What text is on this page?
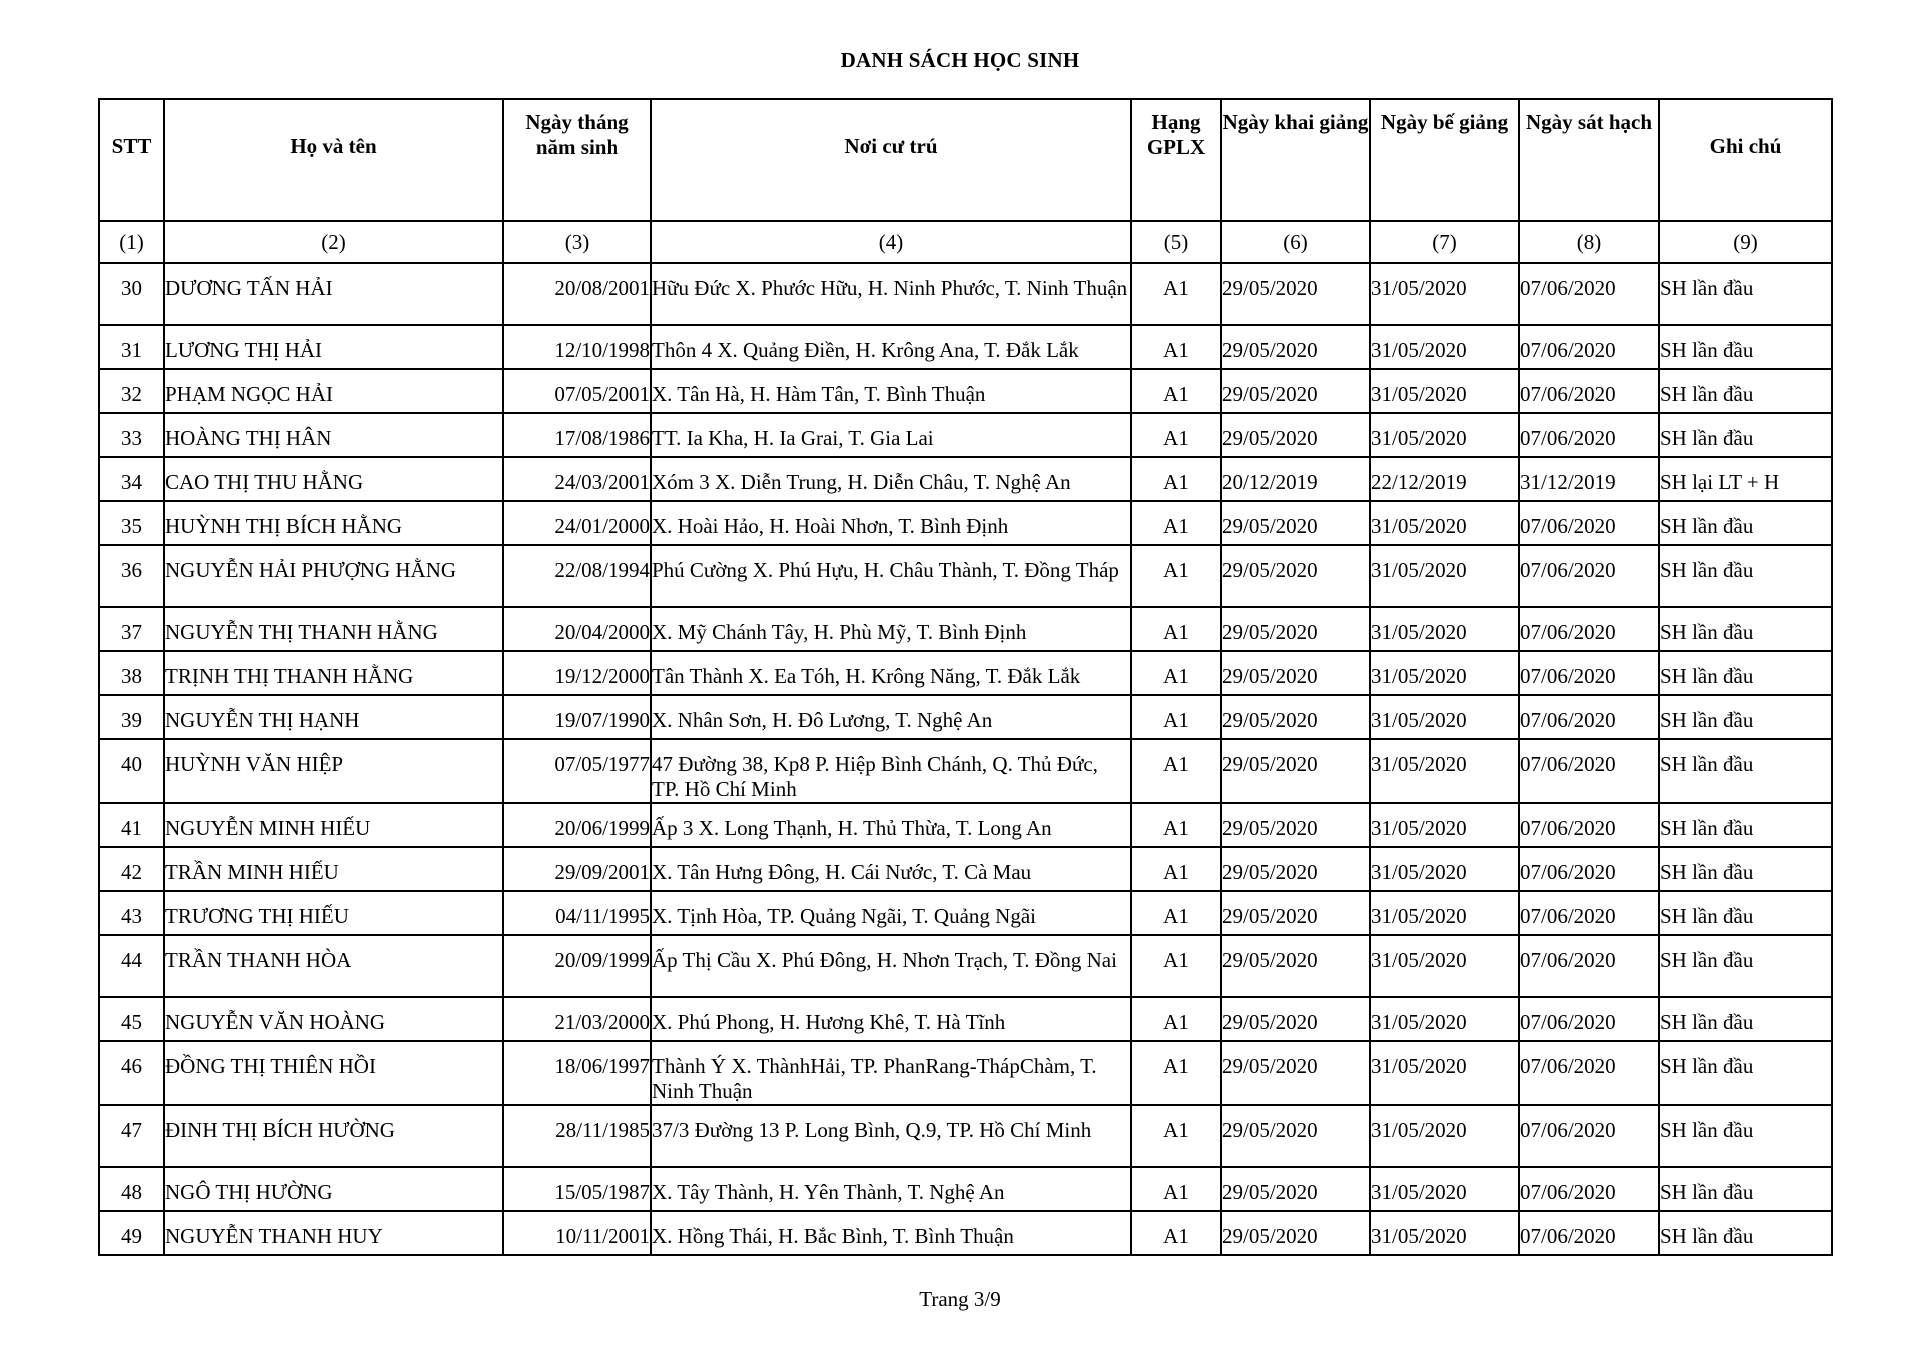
DANH SÁCH HỌC SINH
STT	Họ và tên	Ngày tháng năm sinh	Nơi cư trú	Hạng GPLX	Ngày khai giảng	Ngày bế giảng	Ngày sát hạch	Ghi chú
(1)	(2)	(3)	(4)	(5)	(6)	(7)	(8)	(9)
30	DƯƠNG TẤN HẢI	20/08/2001	Hữu Đức X. Phước Hữu, H. Ninh Phước, T. Ninh Thuận	A1	29/05/2020	31/05/2020	07/06/2020	SH lần đầu
31	LƯƠNG THỊ HẢI	12/10/1998	Thôn 4 X. Quảng Điền, H. Krông Ana, T. Đắk Lắk	A1	29/05/2020	31/05/2020	07/06/2020	SH lần đầu
32	PHẠM NGỌC HẢI	07/05/2001	X. Tân Hà, H. Hàm Tân, T. Bình Thuận	A1	29/05/2020	31/05/2020	07/06/2020	SH lần đầu
33	HOÀNG THỊ HÂN	17/08/1986	TT. Ia Kha, H. Ia Grai, T. Gia Lai	A1	29/05/2020	31/05/2020	07/06/2020	SH lần đầu
34	CAO THỊ THU HẰNG	24/03/2001	Xóm 3 X. Diễn Trung, H. Diễn Châu, T. Nghệ An	A1	20/12/2019	22/12/2019	31/12/2019	SH lại LT + H
35	HUỲNH THỊ BÍCH HẰNG	24/01/2000	X. Hoài Hảo, H. Hoài Nhơn, T. Bình Định	A1	29/05/2020	31/05/2020	07/06/2020	SH lần đầu
36	NGUYỄN HẢI PHƯỢNG HẰNG	22/08/1994	Phú Cường X. Phú Hựu, H. Châu Thành, T. Đồng Tháp	A1	29/05/2020	31/05/2020	07/06/2020	SH lần đầu
37	NGUYỄN THỊ THANH HẰNG	20/04/2000	X. Mỹ Chánh Tây, H. Phù Mỹ, T. Bình Định	A1	29/05/2020	31/05/2020	07/06/2020	SH lần đầu
38	TRỊNH THỊ THANH HẰNG	19/12/2000	Tân Thành X. Ea Tóh, H. Krông Năng, T. Đắk Lắk	A1	29/05/2020	31/05/2020	07/06/2020	SH lần đầu
39	NGUYỄN THỊ HẠNH	19/07/1990	X. Nhân Sơn, H. Đô Lương, T. Nghệ An	A1	29/05/2020	31/05/2020	07/06/2020	SH lần đầu
40	HUỲNH VĂN HIỆP	07/05/1977	47 Đường 38, Kp8 P. Hiệp Bình Chánh, Q. Thủ Đức, TP. Hồ Chí Minh	A1	29/05/2020	31/05/2020	07/06/2020	SH lần đầu
41	NGUYỄN MINH HIẾU	20/06/1999	Ấp 3 X. Long Thạnh, H. Thủ Thừa, T. Long An	A1	29/05/2020	31/05/2020	07/06/2020	SH lần đầu
42	TRẦN MINH HIẾU	29/09/2001	X. Tân Hưng Đông, H. Cái Nước, T. Cà Mau	A1	29/05/2020	31/05/2020	07/06/2020	SH lần đầu
43	TRƯƠNG THỊ HIẾU	04/11/1995	X. Tịnh Hòa, TP. Quảng Ngãi, T. Quảng Ngãi	A1	29/05/2020	31/05/2020	07/06/2020	SH lần đầu
44	TRẦN THANH HÒA	20/09/1999	Ấp Thị Cầu X. Phú Đông, H. Nhơn Trạch, T. Đồng Nai	A1	29/05/2020	31/05/2020	07/06/2020	SH lần đầu
45	NGUYỄN VĂN HOÀNG	21/03/2000	X. Phú Phong, H. Hương Khê, T. Hà Tĩnh	A1	29/05/2020	31/05/2020	07/06/2020	SH lần đầu
46	ĐỒNG THỊ THIÊN HỒI	18/06/1997	Thành Ý X. ThànhHải, TP. PhanRang-ThápChàm, T. Ninh Thuận	A1	29/05/2020	31/05/2020	07/06/2020	SH lần đầu
47	ĐINH THỊ BÍCH HƯỜNG	28/11/1985	37/3 Đường 13 P. Long Bình, Q.9, TP. Hồ Chí Minh	A1	29/05/2020	31/05/2020	07/06/2020	SH lần đầu
48	NGÔ THỊ HƯỜNG	15/05/1987	X. Tây Thành, H. Yên Thành, T. Nghệ An	A1	29/05/2020	31/05/2020	07/06/2020	SH lần đầu
49	NGUYỄN THANH HUY	10/11/2001	X. Hồng Thái, H. Bắc Bình, T. Bình Thuận	A1	29/05/2020	31/05/2020	07/06/2020	SH lần đầu
Trang 3/9
